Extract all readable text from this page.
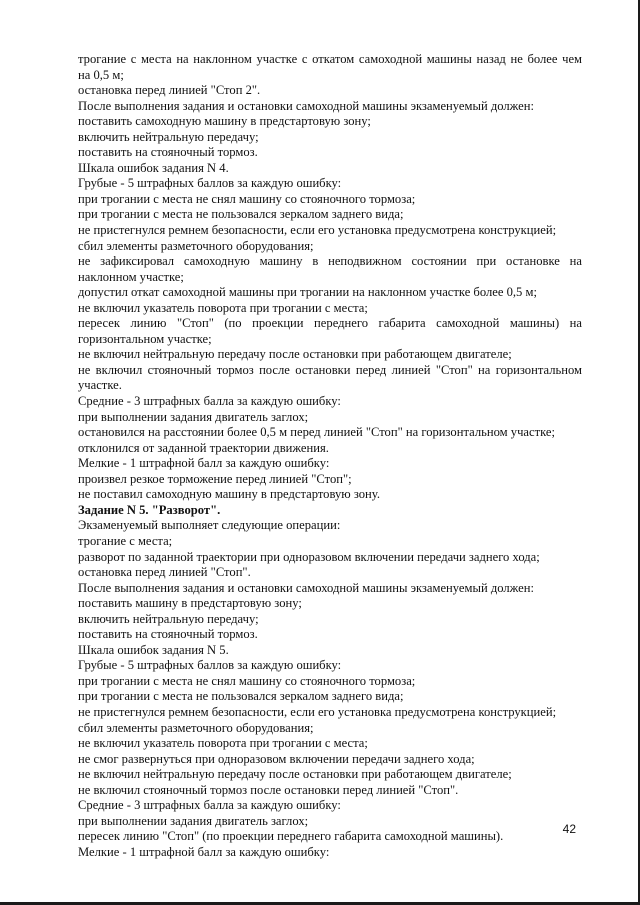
трогание с места на наклонном участке с откатом самоходной машины назад не более чем
на 0,5 м;
остановка перед линией "Стоп 2".
После выполнения задания и остановки самоходной машины экзаменуемый должен:
поставить самоходную машину в предстартовую зону;
включить нейтральную передачу;
поставить на стояночный тормоз.
Шкала ошибок задания N 4.
Грубые - 5 штрафных баллов за каждую ошибку:
при трогании с места не снял машину со стояночного тормоза;
при трогании с места не пользовался зеркалом заднего вида;
не пристегнулся ремнем безопасности, если его установка предусмотрена конструкцией;
сбил элементы разметочного оборудования;
не зафиксировал самоходную машину в неподвижном состоянии при остановке на
наклонном участке;
допустил откат самоходной машины при трогании на наклонном участке более 0,5 м;
не включил указатель поворота при трогании с места;
пересек линию "Стоп" (по проекции переднего габарита самоходной машины) на
горизонтальном участке;
не включил нейтральную передачу после остановки при работающем двигателе;
не включил стояночный тормоз после остановки перед линией "Стоп" на горизонтальном
участке.
Средние - 3 штрафных балла за каждую ошибку:
при выполнении задания двигатель заглох;
остановился на расстоянии более 0,5 м перед линией "Стоп" на горизонтальном участке;
отклонился от заданной траектории движения.
Мелкие - 1 штрафной балл за каждую ошибку:
произвел резкое торможение перед линией "Стоп";
не поставил самоходную машину в предстартовую зону.
Задание N 5. "Разворот".
Экзаменуемый выполняет следующие операции:
трогание с места;
разворот по заданной траектории при одноразовом включении передачи заднего хода;
остановка перед линией "Стоп".
После выполнения задания и остановки самоходной машины экзаменуемый должен:
поставить машину в предстартовую зону;
включить нейтральную передачу;
поставить на стояночный тормоз.
Шкала ошибок задания N 5.
Грубые - 5 штрафных баллов за каждую ошибку:
при трогании с места не снял машину со стояночного тормоза;
при трогании с места не пользовался зеркалом заднего вида;
не пристегнулся ремнем безопасности, если его установка предусмотрена конструкцией;
сбил элементы разметочного оборудования;
не включил указатель поворота при трогании с места;
не смог развернуться при одноразовом включении передачи заднего хода;
не включил нейтральную передачу после остановки при работающем двигателе;
не включил стояночный тормоз после остановки перед линией "Стоп".
Средние - 3 штрафных балла за каждую ошибку:
при выполнении задания двигатель заглох;
пересек линию "Стоп" (по проекции переднего габарита самоходной машины).
Мелкие - 1 штрафной балл за каждую ошибку:
42
